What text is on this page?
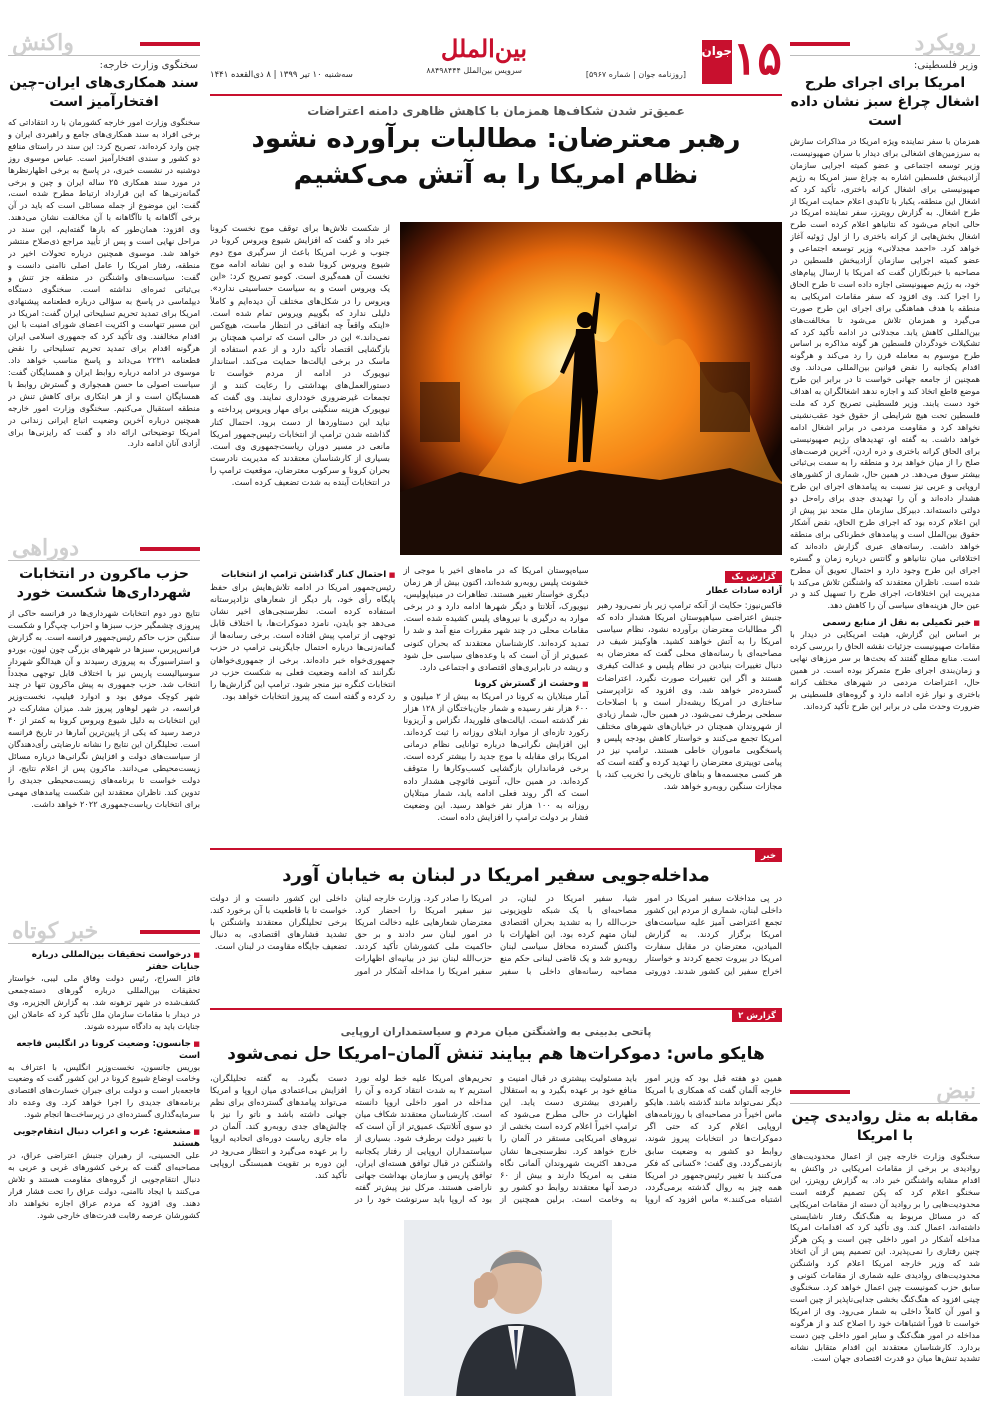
رویکرد
وزیر فلسطینی:
امریکا برای اجرای طرح اشغال چراغ سبز نشان داده است
همزمان با سفر نماینده ویژه امریکا در مذاکرات سازش به سرزمین‌های اشغالی برای دیدار با سران صهیونیست، وزیر توسعه اجتماعی و عضو کمیته اجرایی سازمان آزادیبخش فلسطین اشاره به چراغ سبز امریکا به رژیم صهیونیستی برای اشغال کرانه باختری، تأکید کرد که اشغال این منطقه، یکبار با تاکیدی اعلام حمایت امریکا از طرح اشغال. به گزارش رویترز، سفر نماینده امریکا در حالی انجام می‌شود که نتانیاهو اعلام کرده است طرح اشغال بخش‌هایی از کرانه باختری را از اول ژوئیه آغاز خواهد کرد. «احمد مجدلانی» وزیر توسعه اجتماعی و عضو کمیته اجرایی سازمان آزادیبخش فلسطین در مصاحبه با خبرنگاران گفت که امریکا با ارسال پیام‌های خود، به رژیم صهیونیستی اجازه داده است تا طرح الحاق را اجرا کند. وی افزود که سفر مقامات امریکایی به منطقه با هدف هماهنگی برای اجرای این طرح صورت می‌گیرد و همزمان تلاش می‌شود تا مخالفت‌های بین‌المللی کاهش یابد. مجدلانی در ادامه تأکید کرد که تشکیلات خودگردان فلسطین هر گونه مذاکره بر اساس طرح موسوم به معامله قرن را رد می‌کند و هرگونه اقدام یکجانبه را نقض قوانین بین‌المللی می‌داند. وی همچنین از جامعه جهانی خواست تا در برابر این طرح موضع قاطع اتخاذ کند و اجازه ندهد اشغالگران به اهداف خود دست یابند. وزیر فلسطینی تصریح کرد که ملت فلسطین تحت هیچ شرایطی از حقوق خود عقب‌نشینی نخواهد کرد و مقاومت مردمی در برابر اشغال ادامه خواهد داشت. به گفته او، تهدیدهای رژیم صهیونیستی برای الحاق کرانه باختری و دره اردن، آخرین فرصت‌های صلح را از میان خواهد برد و منطقه را به سمت بی‌ثباتی بیشتر سوق می‌دهد. در همین حال، شماری از کشورهای اروپایی و عربی نیز نسبت به پیامدهای اجرای این طرح هشدار داده‌اند و آن را تهدیدی جدی برای راه‌حل دو دولتی دانسته‌اند. دبیرکل سازمان ملل متحد نیز پیش از این اعلام کرده بود که اجرای طرح الحاق، نقض آشکار حقوق بین‌الملل است و پیامدهای خطرناکی برای منطقه خواهد داشت. رسانه‌های عبری گزارش داده‌اند که اختلافاتی میان نتانیاهو و گانتس درباره زمان و گستره اجرای این طرح وجود دارد و احتمال تعویق آن مطرح شده است. ناظران معتقدند که واشنگتن تلاش می‌کند با مدیریت این اختلافات، اجرای طرح را تسهیل کند و در عین حال هزینه‌های سیاسی آن را کاهش دهد.
■ خبر تکمیلی به نقل از منابع رسمی
بر اساس این گزارش، هیئت امریکایی در دیدار با مقامات صهیونیست جزئیات نقشه الحاق را بررسی کرده است. منابع مطلع گفتند که بحث‌ها بر سر مرزهای نهایی و زمان‌بندی اجرای طرح متمرکز بوده است. در همین حال، اعتراضات مردمی در شهرهای مختلف کرانه باختری و نوار غزه ادامه دارد و گروه‌های فلسطینی بر ضرورت وحدت ملی در برابر این طرح تأکید کرده‌اند.
نبض
مقابله به مثل روادیدی چین با امریکا
سخنگوی وزارت خارجه چین از اعمال محدودیت‌های روادیدی بر برخی از مقامات امریکایی در واکنش به اقدام مشابه واشنگتن خبر داد. به گزارش رویترز، این سخنگو اعلام کرد که پکن تصمیم گرفته است محدودیت‌هایی را بر روادید آن دسته از مقامات امریکایی که در مسائل مربوط به هنگ‌کنگ رفتار ناشایستی داشته‌اند، اعمال کند. وی تأکید کرد که اقدامات امریکا مداخله آشکار در امور داخلی چین است و پکن هرگز چنین رفتاری را نمی‌پذیرد. این تصمیم پس از آن اتخاذ شد که وزیر خارجه امریکا اعلام کرد واشنگتن محدودیت‌های روادیدی علیه شماری از مقامات کنونی و سابق حزب کمونیست چین اعمال خواهد کرد. سخنگوی چینی افزود که هنگ‌کنگ بخشی جدایی‌ناپذیر از چین است و امور آن کاملاً داخلی به شمار می‌رود. وی از امریکا خواست تا فوراً اشتباهات خود را اصلاح کند و از هرگونه مداخله در امور هنگ‌کنگ و سایر امور داخلی چین دست بردارد. کارشناسان معتقدند این اقدام متقابل نشانه تشدید تنش‌ها میان دو قدرت اقتصادی جهان است.
واکنش
سخنگوی وزارت خارجه:
سند همکاری‌های ایران–چین افتخارآمیز است
سخنگوی وزارت امور خارجه کشورمان با رد انتقاداتی که برخی افراد به سند همکاری‌های جامع و راهبردی ایران و چین وارد کرده‌اند، تصریح کرد: این سند در راستای منافع دو کشور و سندی افتخارآمیز است. عباس موسوی روز دوشنبه در نشست خبری، در پاسخ به برخی اظهارنظرها در مورد سند همکاری ۲۵ ساله ایران و چین و برخی گمانه‌زنی‌ها که این قرارداد ارتباط مطرح شده است، گفت: این موضوع از جمله مسائلی است که باید در آن برخی آگاهانه یا ناآگاهانه با آن مخالفت نشان می‌دهند. وی افزود: همان‌طور که بارها گفته‌ایم، این سند در مراحل نهایی است و پس از تأیید مراجع ذی‌صلاح منتشر خواهد شد. موسوی همچنین درباره تحولات اخیر در منطقه، رفتار امریکا را عامل اصلی ناامنی دانست و گفت: سیاست‌های واشنگتن در منطقه جز تنش و بی‌ثباتی ثمره‌ای نداشته است. سخنگوی دستگاه دیپلماسی در پاسخ به سؤالی درباره قطعنامه پیشنهادی امریکا برای تمدید تحریم تسلیحاتی ایران گفت: امریکا در این مسیر تنهاست و اکثریت اعضای شورای امنیت با این اقدام مخالفند. وی تأکید کرد که جمهوری اسلامی ایران هرگونه اقدام برای تمدید تحریم تسلیحاتی را نقض قطعنامه ۲۲۳۱ می‌داند و پاسخ مناسب خواهد داد. موسوی در ادامه درباره روابط ایران و همسایگان گفت: سیاست اصولی ما حسن همجواری و گسترش روابط با همسایگان است و از هر ابتکاری برای کاهش تنش در منطقه استقبال می‌کنیم. سخنگوی وزارت امور خارجه همچنین درباره آخرین وضعیت اتباع ایرانی زندانی در امریکا توضیحاتی ارائه داد و گفت که رایزنی‌ها برای آزادی آنان ادامه دارد.
دوراهی
حزب ماکرون در انتخابات شهرداری‌ها شکست خورد
نتایج دور دوم انتخابات شهرداری‌ها در فرانسه حاکی از پیروزی چشمگیر حزب سبزها و احزاب چپ‌گرا و شکست سنگین حزب حاکم رئیس‌جمهور فرانسه است. به گزارش فرانس‌پرس، سبزها در شهرهای بزرگی چون لیون، بوردو و استراسبورگ به پیروزی رسیدند و آن هیدالگو شهردار سوسیالیست پاریس نیز با اختلاف قابل توجهی مجدداً انتخاب شد. حزب جمهوری به پیش ماکرون تنها در چند شهر کوچک موفق بود و ادوارد فیلیپ، نخست‌وزیر فرانسه، در شهر لوهاور پیروز شد. میزان مشارکت در این انتخابات به دلیل شیوع ویروس کرونا به کمتر از ۴۰ درصد رسید که یکی از پایین‌ترین آمارها در تاریخ فرانسه است. تحلیلگران این نتایج را نشانه نارضایتی رأی‌دهندگان از سیاست‌های دولت و افزایش نگرانی‌ها درباره مسائل زیست‌محیطی می‌دانند. ماکرون پس از اعلام نتایج، از دولت خواست تا برنامه‌های زیست‌محیطی جدیدی را تدوین کند. ناظران معتقدند این شکست پیامدهای مهمی برای انتخابات ریاست‌جمهوری ۲۰۲۲ خواهد داشت.
خبر کوتاه
■ درخواست تحقیقات بین‌المللی درباره جنایات حفتر
فائز السراج، رئیس دولت وفاق ملی لیبی، خواستار تحقیقات بین‌المللی درباره گورهای دسته‌جمعی کشف‌شده در شهر ترهونه شد. به گزارش الجزیره، وی در دیدار با مقامات سازمان ملل تأکید کرد که عاملان این جنایات باید به دادگاه سپرده شوند.
■ جانسون: وضعیت کرونا در انگلیس فاجعه است
بوریس جانسون، نخست‌وزیر انگلیس، با اعتراف به وخامت اوضاع شیوع کرونا در این کشور گفت که وضعیت فاجعه‌بار است و دولت برای جبران خسارت‌های اقتصادی برنامه‌های جدیدی را اجرا خواهد کرد. وی وعده داد سرمایه‌گذاری گسترده‌ای در زیرساخت‌ها انجام شود.
■ مشعشع: غرب و اعراب دنبال انتقام‌جویی هستند
علی الحسینی، از رهبران جنبش اعتراضی عراق، در مصاحبه‌ای گفت که برخی کشورهای غربی و عربی به دنبال انتقام‌جویی از گروه‌های مقاومت هستند و تلاش می‌کنند با ایجاد ناامنی، دولت عراق را تحت فشار قرار دهند. وی افزود که مردم عراق اجازه نخواهند داد کشورشان عرصه رقابت قدرت‌های خارجی شود.
۱۵
جوان
بین‌الملل
سرویس بین‌الملل ۸۸۴۹۸۴۴۴	[روزنامه جوان | شماره ۵۹۶۷]
سه‌شنبه ۱۰ تیر ۱۳۹۹ | ۸ ذی‌القعده ۱۴۴۱
عمیق‌تر شدن شکاف‌ها همزمان با کاهش ظاهری دامنه اعتراضات
رهبر معترضان: مطالبات برآورده نشود
نظام امریکا را به آتش می‌کشیم
از شکست تلاش‌ها برای توقف موج نخست کرونا خبر داد و گفت که افزایش شیوع ویروس کرونا در جنوب و غرب امریکا باعث از سرگیری موج دوم شیوع ویروس کرونا شده و این نشانه ادامه موج نخست آن همه‌گیری است. کومو تصریح کرد: «این یک ویروس است و به سیاست حساسیتی ندارد». ویروس را در شکل‌های مختلف آن دیده‌ایم و کاملاً دلیلی ندارد که بگوییم ویروس تمام شده است. «اینکه واقعاً چه اتفاقی در انتظار ماست، هیچ‌کس نمی‌داند.» این در حالی است که ترامپ همچنان بر بازگشایی اقتصاد تأکید دارد و از عدم استفاده از ماسک در برخی ایالت‌ها حمایت می‌کند. استاندار نیویورک در ادامه از مردم خواست تا دستورالعمل‌های بهداشتی را رعایت کنند و از تجمعات غیرضروری خودداری نمایند. وی گفت که نیویورک هزینه سنگینی برای مهار ویروس پرداخته و نباید این دستاوردها از دست برود. احتمال کنار گذاشته شدن ترامپ از انتخابات رئیس‌جمهور امریکا مانعی در مسیر دوران ریاست‌جمهوری وی است. بسیاری از کارشناسان معتقدند که مدیریت نادرست بحران کرونا و سرکوب معترضان، موقعیت ترامپ را در انتخابات آینده به شدت تضعیف کرده است.
گزارش یک
آزاده سادات عطار
فاکس‌نیوز: حکایت از آنکه ترامپ زیر بار نمی‌رود رهبر جنبش اعتراضی سیاهپوستان امریکا هشدار داده که اگر مطالبات معترضان برآورده نشود، نظام سیاسی امریکا را به آتش خواهند کشید. هاوکینز شیف در مصاحبه‌ای با رسانه‌های محلی گفت که معترضان به دنبال تغییرات بنیادین در نظام پلیس و عدالت کیفری هستند و اگر این تغییرات صورت نگیرد، اعتراضات گسترده‌تر خواهد شد. وی افزود که نژادپرستی ساختاری در امریکا ریشه‌دار است و با اصلاحات سطحی برطرف نمی‌شود. در همین حال، شمار زیادی از شهروندان همچنان در خیابان‌های شهرهای مختلف امریکا تجمع می‌کنند و خواستار کاهش بودجه پلیس و پاسخگویی ماموران خاطی هستند. ترامپ نیز در پیامی توییتری معترضان را تهدید کرده و گفته است که هر کسی مجسمه‌ها و بناهای تاریخی را تخریب کند، با مجازات سنگین روبه‌رو خواهد شد.
سیاه‌پوستان امریکا که در ماه‌های اخیر با موجی از خشونت پلیس روبه‌رو شده‌اند، اکنون بیش از هر زمان دیگری خواستار تغییر هستند. تظاهرات در مینیاپولیس، نیویورک، آتلانتا و دیگر شهرها ادامه دارد و در برخی موارد به درگیری با نیروهای پلیس کشیده شده است. مقامات محلی در چند شهر مقررات منع آمد و شد را تمدید کرده‌اند. کارشناسان معتقدند که بحران کنونی عمیق‌تر از آن است که با وعده‌های سیاسی حل شود و ریشه در نابرابری‌های اقتصادی و اجتماعی دارد.
■ وحشت از گسترش کرونا
آمار مبتلایان به کرونا در امریکا به بیش از ۲ میلیون و ۶۰۰ هزار نفر رسیده و شمار جان‌باختگان از ۱۲۸ هزار نفر گذشته است. ایالت‌های فلوریدا، تگزاس و آریزونا رکورد تازه‌ای از موارد ابتلای روزانه را ثبت کرده‌اند. این افزایش نگرانی‌ها درباره توانایی نظام درمانی امریکا برای مقابله با موج جدید را بیشتر کرده است. برخی فرمانداران بازگشایی کسب‌وکارها را متوقف کرده‌اند. در همین حال، آنتونی فائوچی هشدار داده است که اگر روند فعلی ادامه یابد، شمار مبتلایان روزانه به ۱۰۰ هزار نفر خواهد رسید. این وضعیت فشار بر دولت ترامپ را افزایش داده است.
■ احتمال کنار گذاشتن ترامپ از انتخابات
رئیس‌جمهور امریکا در ادامه تلاش‌هایش برای حفظ پایگاه رأی خود، بار دیگر از شعارهای نژادپرستانه استفاده کرده است. نظرسنجی‌های اخیر نشان می‌دهد جو بایدن، نامزد دموکرات‌ها، با اختلاف قابل توجهی از ترامپ پیش افتاده است. برخی رسانه‌ها از گمانه‌زنی‌ها درباره احتمال جایگزینی ترامپ در حزب جمهوری‌خواه خبر داده‌اند. برخی از جمهوری‌خواهان نگرانند که ادامه وضعیت فعلی به شکست حزب در انتخابات کنگره نیز منجر شود. ترامپ این گزارش‌ها را رد کرده و گفته است که پیروز انتخابات خواهد بود.
خبر
مداخله‌جویی سفیر امریکا در لبنان به خیابان آورد
در پی مداخلات سفیر امریکا در امور داخلی لبنان، شماری از مردم این کشور تجمع اعتراضی آمیز علیه سیاست‌های امریکا برگزار کردند. به گزارش المیادین، معترضان در مقابل سفارت امریکا در بیروت تجمع کردند و خواستار اخراج سفیر این کشور شدند. دوروتی شیا، سفیر امریکا در لبنان، در مصاحبه‌ای با یک شبکه تلویزیونی حزب‌الله را به تشدید بحران اقتصادی لبنان متهم کرده بود. این اظهارات با واکنش گسترده محافل سیاسی لبنان روبه‌رو شد و یک قاضی لبنانی حکم منع مصاحبه رسانه‌های داخلی با سفیر امریکا را صادر کرد. وزارت خارجه لبنان نیز سفیر امریکا را احضار کرد. معترضان شعارهایی علیه دخالت امریکا در امور لبنان سر دادند و بر حق حاکمیت ملی کشورشان تأکید کردند. حزب‌الله لبنان نیز در بیانیه‌ای اظهارات سفیر امریکا را مداخله آشکار در امور داخلی این کشور دانست و از دولت خواست تا با قاطعیت با آن برخورد کند. برخی تحلیلگران معتقدند واشنگتن با تشدید فشارهای اقتصادی، به دنبال تضعیف جایگاه مقاومت در لبنان است.
گزارش ۲
پاتحی بدبینی به واشنگتن میان مردم و سیاستمداران اروپایی
هایکو ماس: دموکرات‌ها هم بیایند تنش آلمان–امریکا حل نمی‌شود
همین دو هفته قبل بود که وزیر امور خارجه آلمان گفت که همکاری با امریکا دیگر نمی‌تواند مانند گذشته باشد. هایکو ماس اخیراً در مصاحبه‌ای با روزنامه‌های اروپایی اعلام کرد که حتی اگر دموکرات‌ها در انتخابات پیروز شوند، روابط دو کشور به وضعیت سابق بازنمی‌گردد. وی گفت: «کسانی که فکر می‌کنند با تغییر رئیس‌جمهور در امریکا همه چیز به روال گذشته برمی‌گردد، اشتباه می‌کنند.» ماس افزود که اروپا باید مسئولیت بیشتری در قبال امنیت و منافع خود بر عهده بگیرد و به استقلال راهبردی بیشتری دست یابد. این اظهارات در حالی مطرح می‌شود که ترامپ اخیراً اعلام کرده است بخشی از نیروهای امریکایی مستقر در آلمان را خارج خواهد کرد. نظرسنجی‌ها نشان می‌دهد اکثریت شهروندان آلمانی نگاه منفی به امریکا دارند و بیش از ۶۰ درصد آنها معتقدند روابط دو کشور رو به وخامت است. برلین همچنین از تحریم‌های امریکا علیه خط لوله نورد استریم ۲ به شدت انتقاد کرده و آن را مداخله در امور داخلی اروپا دانسته است. کارشناسان معتقدند شکاف میان دو سوی آتلانتیک عمیق‌تر از آن است که با تغییر دولت برطرف شود. بسیاری از سیاستمداران اروپایی از رفتار یکجانبه واشنگتن در قبال توافق هسته‌ای ایران، توافق پاریس و سازمان بهداشت جهانی ناراضی هستند. مرکل نیز پیش‌تر گفته بود که اروپا باید سرنوشت خود را در دست بگیرد. به گفته تحلیلگران، افزایش بی‌اعتمادی میان اروپا و امریکا می‌تواند پیامدهای گسترده‌ای برای نظم جهانی داشته باشد و ناتو را نیز با چالش‌های جدی روبه‌رو کند. آلمان در ماه جاری ریاست دوره‌ای اتحادیه اروپا را بر عهده می‌گیرد و انتظار می‌رود در این دوره بر تقویت همبستگی اروپایی تأکید کند.
